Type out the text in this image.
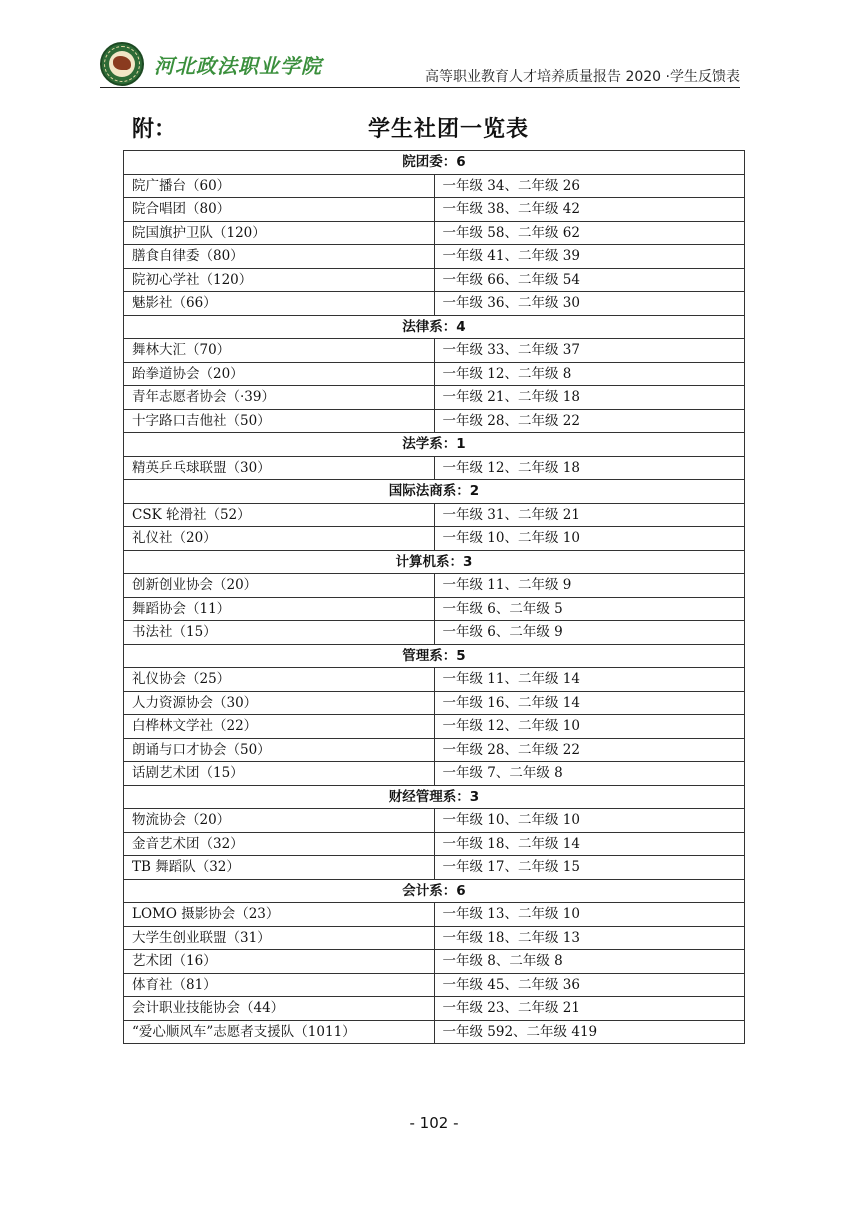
河北政法职业学院	高等职业教育人才培养质量报告 2020 ·学生反馈表
附：	学生社团一览表
院团委：6	
院广播台（60）	一年级 34、二年级 26
院合唱团（80）	一年级 38、二年级 42
院国旗护卫队（120）	一年级 58、二年级 62
膳食自律委（80）	一年级 41、二年级 39
院初心学社（120）	一年级 66、二年级 54
魅影社（66）	一年级 36、二年级 30
法律系：4	
舞林大汇（70）	一年级 33、二年级 37
跆拳道协会（20）	一年级 12、二年级 8
青年志愿者协会（·39）	一年级 21、二年级 18
十字路口吉他社（50）	一年级 28、二年级 22
法学系：1	
精英乒乓球联盟（30）	一年级 12、二年级 18
国际法商系：2	
CSK 轮滑社（52）	一年级 31、二年级 21
礼仪社（20）	一年级 10、二年级 10
计算机系：3	
创新创业协会（20）	一年级 11、二年级 9
舞蹈协会（11）	一年级 6、二年级 5
书法社（15）	一年级 6、二年级 9
管理系：5	
礼仪协会（25）	一年级 11、二年级 14
人力资源协会（30）	一年级 16、二年级 14
白桦林文学社（22）	一年级 12、二年级 10
朗诵与口才协会（50）	一年级 28、二年级 22
话剧艺术团（15）	一年级 7、二年级 8
财经管理系：3	
物流协会（20）	一年级 10、二年级 10
金音艺术团（32）	一年级 18、二年级 14
TB 舞蹈队（32）	一年级 17、二年级 15
会计系：6	
LOMO 摄影协会（23）	一年级 13、二年级 10
大学生创业联盟（31）	一年级 18、二年级 13
艺术团（16）	一年级 8、二年级 8
体育社（81）	一年级 45、二年级 36
会计职业技能协会（44）	一年级 23、二年级 21
“爱心顺风车”志愿者支援队（1011）	一年级 592、二年级 419
- 102 -
